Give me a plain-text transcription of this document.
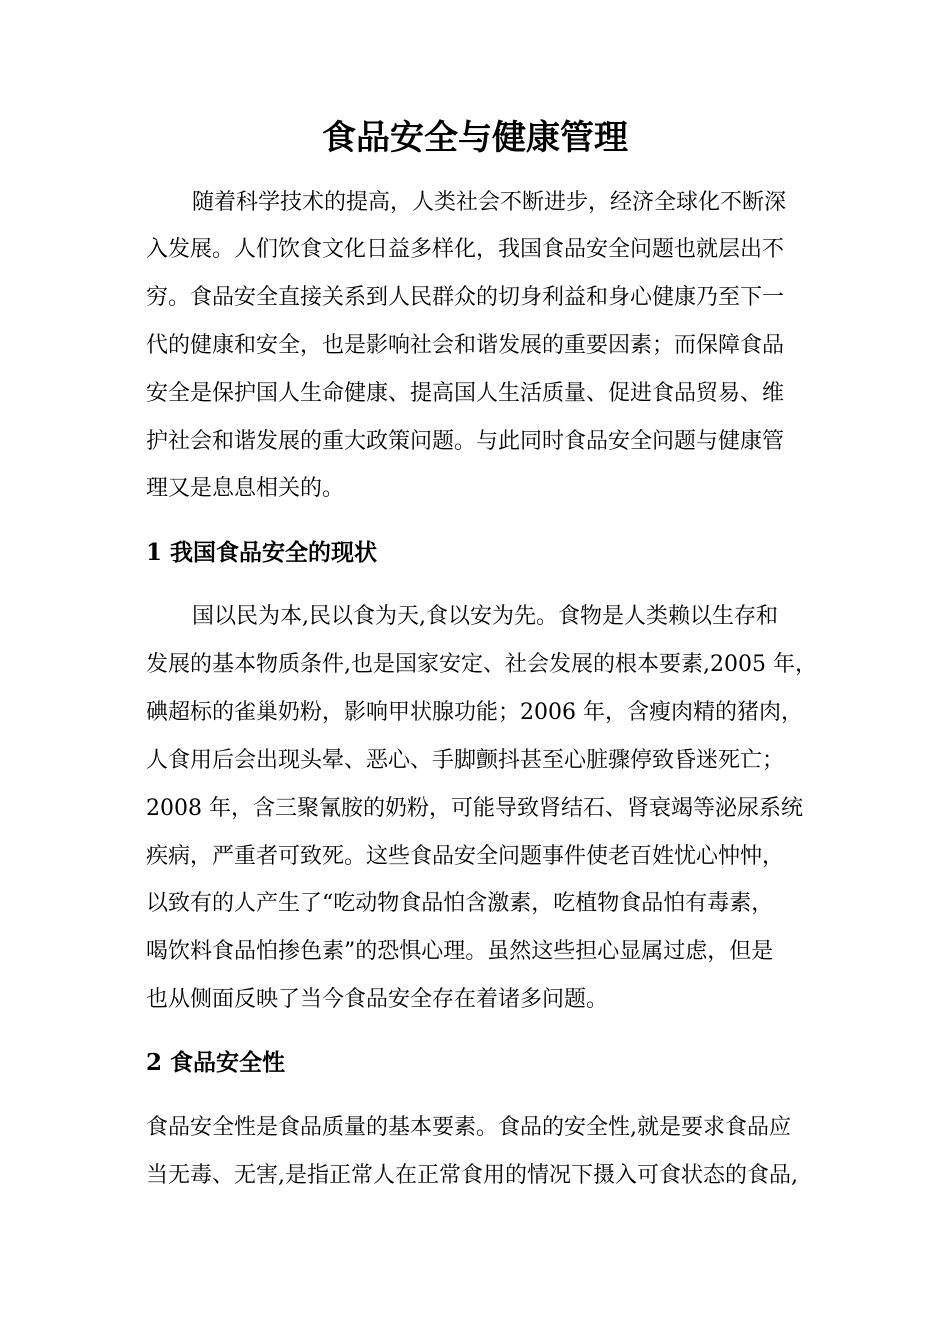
食品安全与健康管理
随着科学技术的提高，人类社会不断进步，经济全球化不断深
入发展。人们饮食文化日益多样化，我国食品安全问题也就层出不
穷。食品安全直接关系到人民群众的切身利益和身心健康乃至下一
代的健康和安全，也是影响社会和谐发展的重要因素；而保障食品
安全是保护国人生命健康、提高国人生活质量、促进食品贸易、维
护社会和谐发展的重大政策问题。与此同时食品安全问题与健康管
理又是息息相关的。
1 我国食品安全的现状
国以民为本,民以食为天,食以安为先。食物是人类赖以生存和
发展的基本物质条件,也是国家安定、社会发展的根本要素,2005 年，
碘超标的雀巢奶粉，影响甲状腺功能；2006 年，含瘦肉精的猪肉，
人食用后会出现头晕、恶心、手脚颤抖甚至心脏骤停致昏迷死亡；
2008 年，含三聚氰胺的奶粉，可能导致肾结石、肾衰竭等泌尿系统
疾病，严重者可致死。这些食品安全问题事件使老百姓忧心忡忡，
以致有的人产生了“吃动物食品怕含激素，吃植物食品怕有毒素，
喝饮料食品怕掺色素”的恐惧心理。虽然这些担心显属过虑，但是
也从侧面反映了当今食品安全存在着诸多问题。
2 食品安全性
食品安全性是食品质量的基本要素。食品的安全性,就是要求食品应
当无毒、无害,是指正常人在正常食用的情况下摄入可食状态的食品,
